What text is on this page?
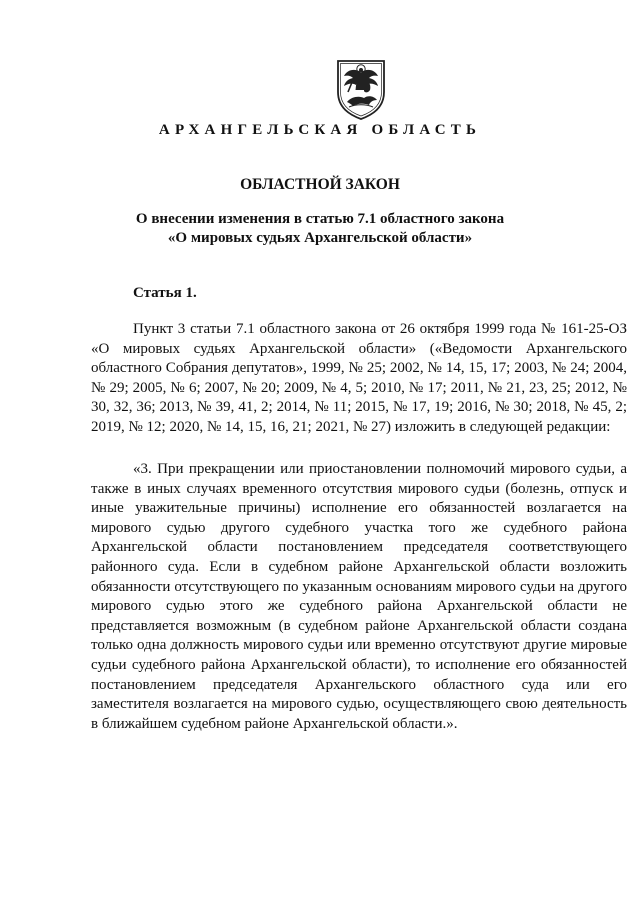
АРХАНГЕЛЬСКАЯ ОБЛАСТЬ
ОБЛАСТНОЙ ЗАКОН
О внесении изменения в статью 7.1 областного закона
«О мировых судьях Архангельской области»
Статья 1.

Пункт 3 статьи 7.1 областного закона от 26 октября 1999 года № 161-25-ОЗ «О мировых судьях Архангельской области» («Ведомости Архангельского областного Собрания депутатов», 1999, № 25; 2002, № 14, 15, 17; 2003, № 24; 2004, № 29; 2005, № 6; 2007, № 20; 2009, № 4, 5; 2010, № 17; 2011, № 21, 23, 25; 2012, № 30, 32, 36; 2013, № 39, 41, 2; 2014, № 11; 2015, № 17, 19; 2016, № 30; 2018, № 45, 2; 2019, № 12; 2020, № 14, 15, 16, 21; 2021, № 27) изложить в следующей редакции:

«3. При прекращении или приостановлении полномочий мирового судьи, а также в иных случаях временного отсутствия мирового судьи (болезнь, отпуск и иные уважительные причины) исполнение его обязанностей возлагается на мирового судью другого судебного участка того же судебного района Архангельской области постановлением председателя соответствующего районного суда. Если в судебном районе Архангельской области возложить обязанности отсутствующего по указанным основаниям мирового судьи на другого мирового судью этого же судебного района Архангельской области не представляется возможным (в судебном районе Архангельской области создана только одна должность мирового судьи или временно отсутствуют другие мировые судьи судебного района Архангельской области), то исполнение его обязанностей постановлением председателя Архангельского областного суда или его заместителя возлагается на мирового судью, осуществляющего свою деятельность в ближайшем судебном районе Архангельской области.».
